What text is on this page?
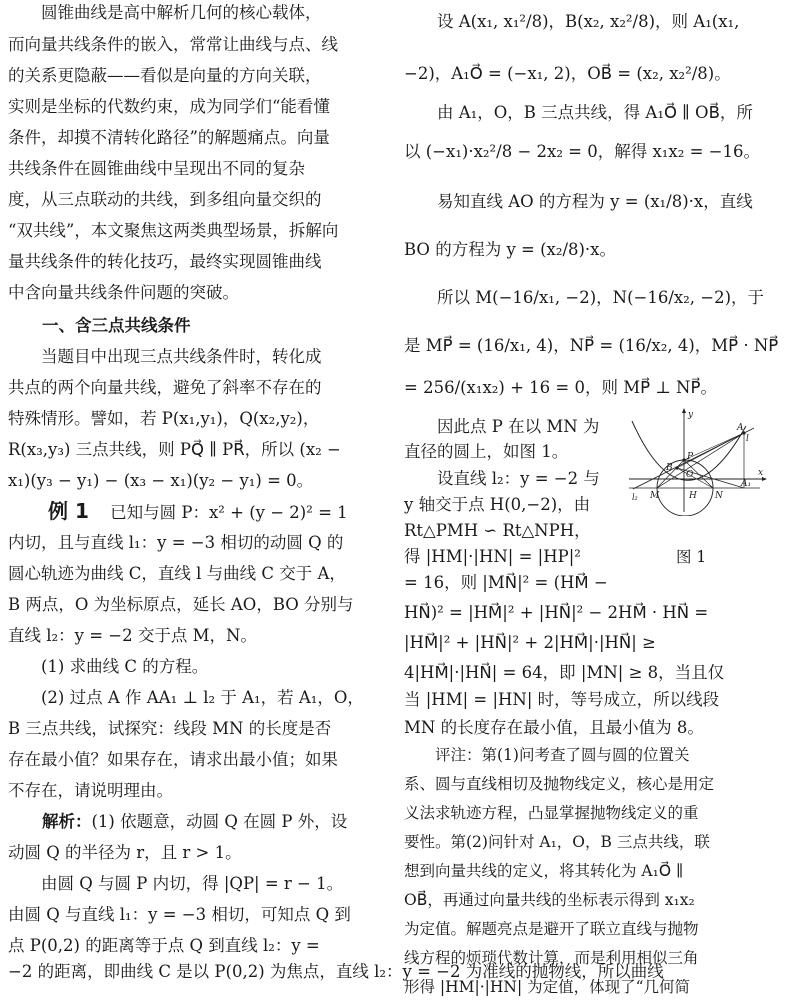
　　圆锥曲线是高中解析几何的核心载体，
而向量共线条件的嵌入，常常让曲线与点、线
的关系更隐蔽——看似是向量的方向关联，
实则是坐标的代数约束，成为同学们“能看懂
条件，却摸不清转化路径”的解题痛点。向量
共线条件在圆锥曲线中呈现出不同的复杂
度，从三点联动的共线，到多组向量交织的
“双共线”，本文聚焦这两类典型场景，拆解向
量共线条件的转化技巧，最终实现圆锥曲线
中含向量共线条件问题的突破。
一、含三点共线条件
　　当题目中出现三点共线条件时，转化成
共点的两个向量共线，避免了斜率不存在的
特殊情形。譬如，若 P(x₁,y₁)，Q(x₂,y₂)，
R(x₃,y₃) 三点共线，则 PQ⃗ ∥ PR⃗，所以 (x₂ −
x₁)(y₃ − y₁) − (x₃ − x₁)(y₂ − y₁) = 0。
例 1 已知与圆 P：x² + (y − 2)² = 1
内切，且与直线 l₁：y = −3 相切的动圆 Q 的
圆心轨迹为曲线 C，直线 l 与曲线 C 交于 A，
B 两点，O 为坐标原点，延长 AO，BO 分别与
直线 l₂：y = −2 交于点 M，N。
　　(1) 求曲线 C 的方程。
　　(2) 过点 A 作 AA₁ ⊥ l₂ 于 A₁，若 A₁，O，
B 三点共线，试探究：线段 MN 的长度是否
存在最小值？如果存在，请求出最小值；如果
不存在，请说明理由。
解析：(1) 依题意，动圆 Q 在圆 P 外，设
动圆 Q 的半径为 r，且 r > 1。
　　由圆 Q 与圆 P 内切，得 |QP| = r − 1。
由圆 Q 与直线 l₁：y = −3 相切，可知点 Q 到
点 P(0,2) 的距离等于点 Q 到直线 l₂：y =
−2 的距离，即曲线 C 是以 P(0,2) 为焦点，直线 l₂：y = −2 为准线的抛物线，所以曲线
　　设 A(x₁, x₁²/8)，B(x₂, x₂²/8)，则 A₁(x₁,
−2)，A₁O⃗ = (−x₁, 2)，OB⃗ = (x₂, x₂²/8)。
　　由 A₁，O，B 三点共线，得 A₁O⃗ ∥ OB⃗，所
以 (−x₁)·x₂²/8 − 2x₂ = 0，解得 x₁x₂ = −16。
　　易知直线 AO 的方程为 y = (x₁/8)·x，直线
BO 的方程为 y = (x₂/8)·x。
　　所以 M(−16/x₁, −2)，N(−16/x₂, −2)，于
是 MP⃗ = (16/x₁, 4)，NP⃗ = (16/x₂, 4)，MP⃗ · NP⃗
= 256/(x₁x₂) + 16 = 0，则 MP⃗ ⊥ NP⃗。
　　因此点 P 在以 MN 为
直径的圆上，如图 1。
　　设直线 l₂：y = −2 与
y 轴交于点 H(0,−2)，由
Rt△PMH ∽ Rt△NPH，
得 |HM|·|HN| = |HP|²	图 1
= 16，则 |MN⃗|² = (HM⃗ −
HN⃗)² = |HM⃗|² + |HN⃗|² − 2HM⃗ · HN⃗ =
|HM⃗|² + |HN⃗|² + 2|HM⃗|·|HN⃗| ≥
4|HM⃗|·|HN⃗| = 64，即 |MN| ≥ 8，当且仅
当 |HM| = |HN| 时，等号成立，所以线段
MN 的长度存在最小值，且最小值为 8。
　　评注：第(1)问考查了圆与圆的位置关
系、圆与直线相切及抛物线定义，核心是用定
义法求轨迹方程，凸显掌握抛物线定义的重
要性。第(2)问针对 A₁，O，B 三点共线，联
想到向量共线的定义，将其转化为 A₁O⃗ ∥
OB⃗，再通过向量共线的坐标表示得到 x₁x₂
为定值。解题亮点是避开了联立直线与抛物
线方程的烦琐代数计算，而是利用相似三角
形得 |HM|·|HN| 为定值，体现了“几何简
y
x
A
l
A₁
B
P
O
M	H N
l₂
